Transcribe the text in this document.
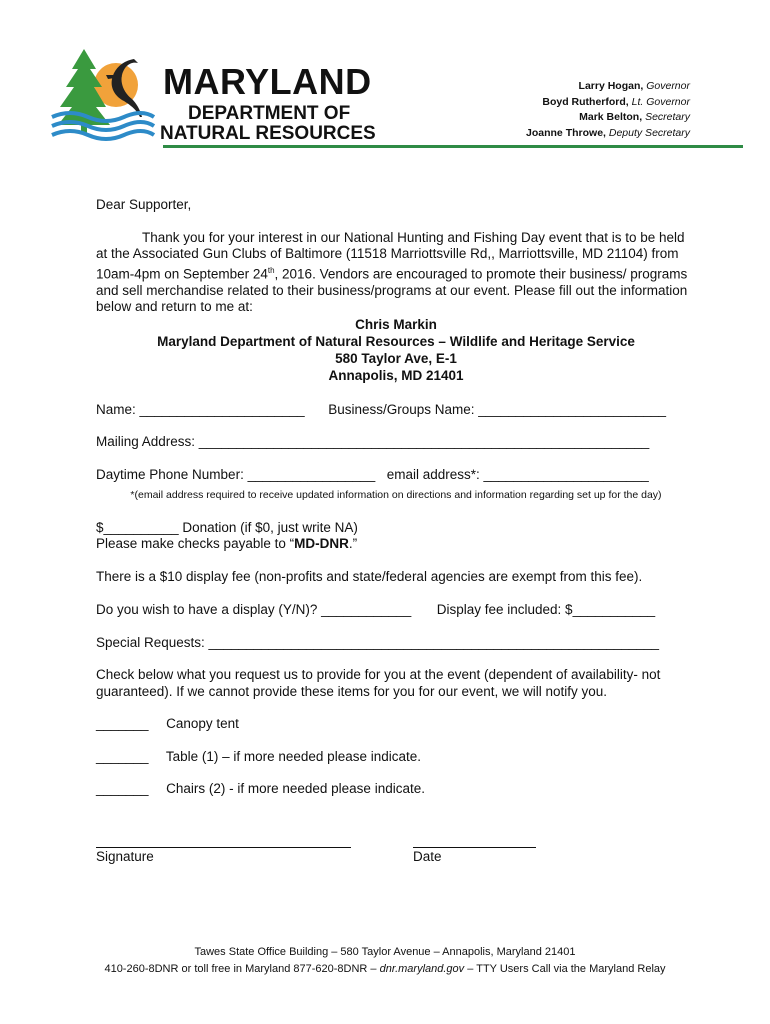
MARYLAND
DEPARTMENT OF
NATURAL RESOURCES
Larry Hogan, Governor
Boyd Rutherford, Lt. Governor
Mark Belton, Secretary
Joanne Throwe, Deputy Secretary

Dear Supporter,

Thank you for your interest in our National Hunting and Fishing Day event that is to be held at the Associated Gun Clubs of Baltimore (11518 Marriottsville Rd,, Marriottsville, MD 21104) from 10am-4pm on September 24th, 2016. Vendors are encouraged to promote their business/ programs and sell merchandise related to their business/programs at our event. Please fill out the information below and return to me at:

Chris Markin
Maryland Department of Natural Resources – Wildlife and Heritage Service
580 Taylor Ave, E-1
Annapolis, MD 21401
Name: ______________________ Business/Groups Name: _________________________
Mailing Address: ____________________________________________________________
Daytime Phone Number: _________________ email address*: ______________________
*(email address required to receive updated information on directions and information regarding set up for the day)
$__________ Donation (if $0, just write NA)
Please make checks payable to “MD-DNR.”
There is a $10 display fee (non-profits and state/federal agencies are exempt from this fee).
Do you wish to have a display (Y/N)? ____________ Display fee included: $___________
Special Requests: ____________________________________________________________
Check below what you request us to provide for you at the event (dependent of availability- not guaranteed). If we cannot provide these items for you for our event, we will notify you.
_______ Canopy tent
_______ Table (1) – if more needed please indicate.
_______ Chairs (2) - if more needed please indicate.
Signature	Date
Tawes State Office Building – 580 Taylor Avenue – Annapolis, Maryland 21401
410-260-8DNR or toll free in Maryland 877-620-8DNR – dnr.maryland.gov – TTY Users Call via the Maryland Relay
